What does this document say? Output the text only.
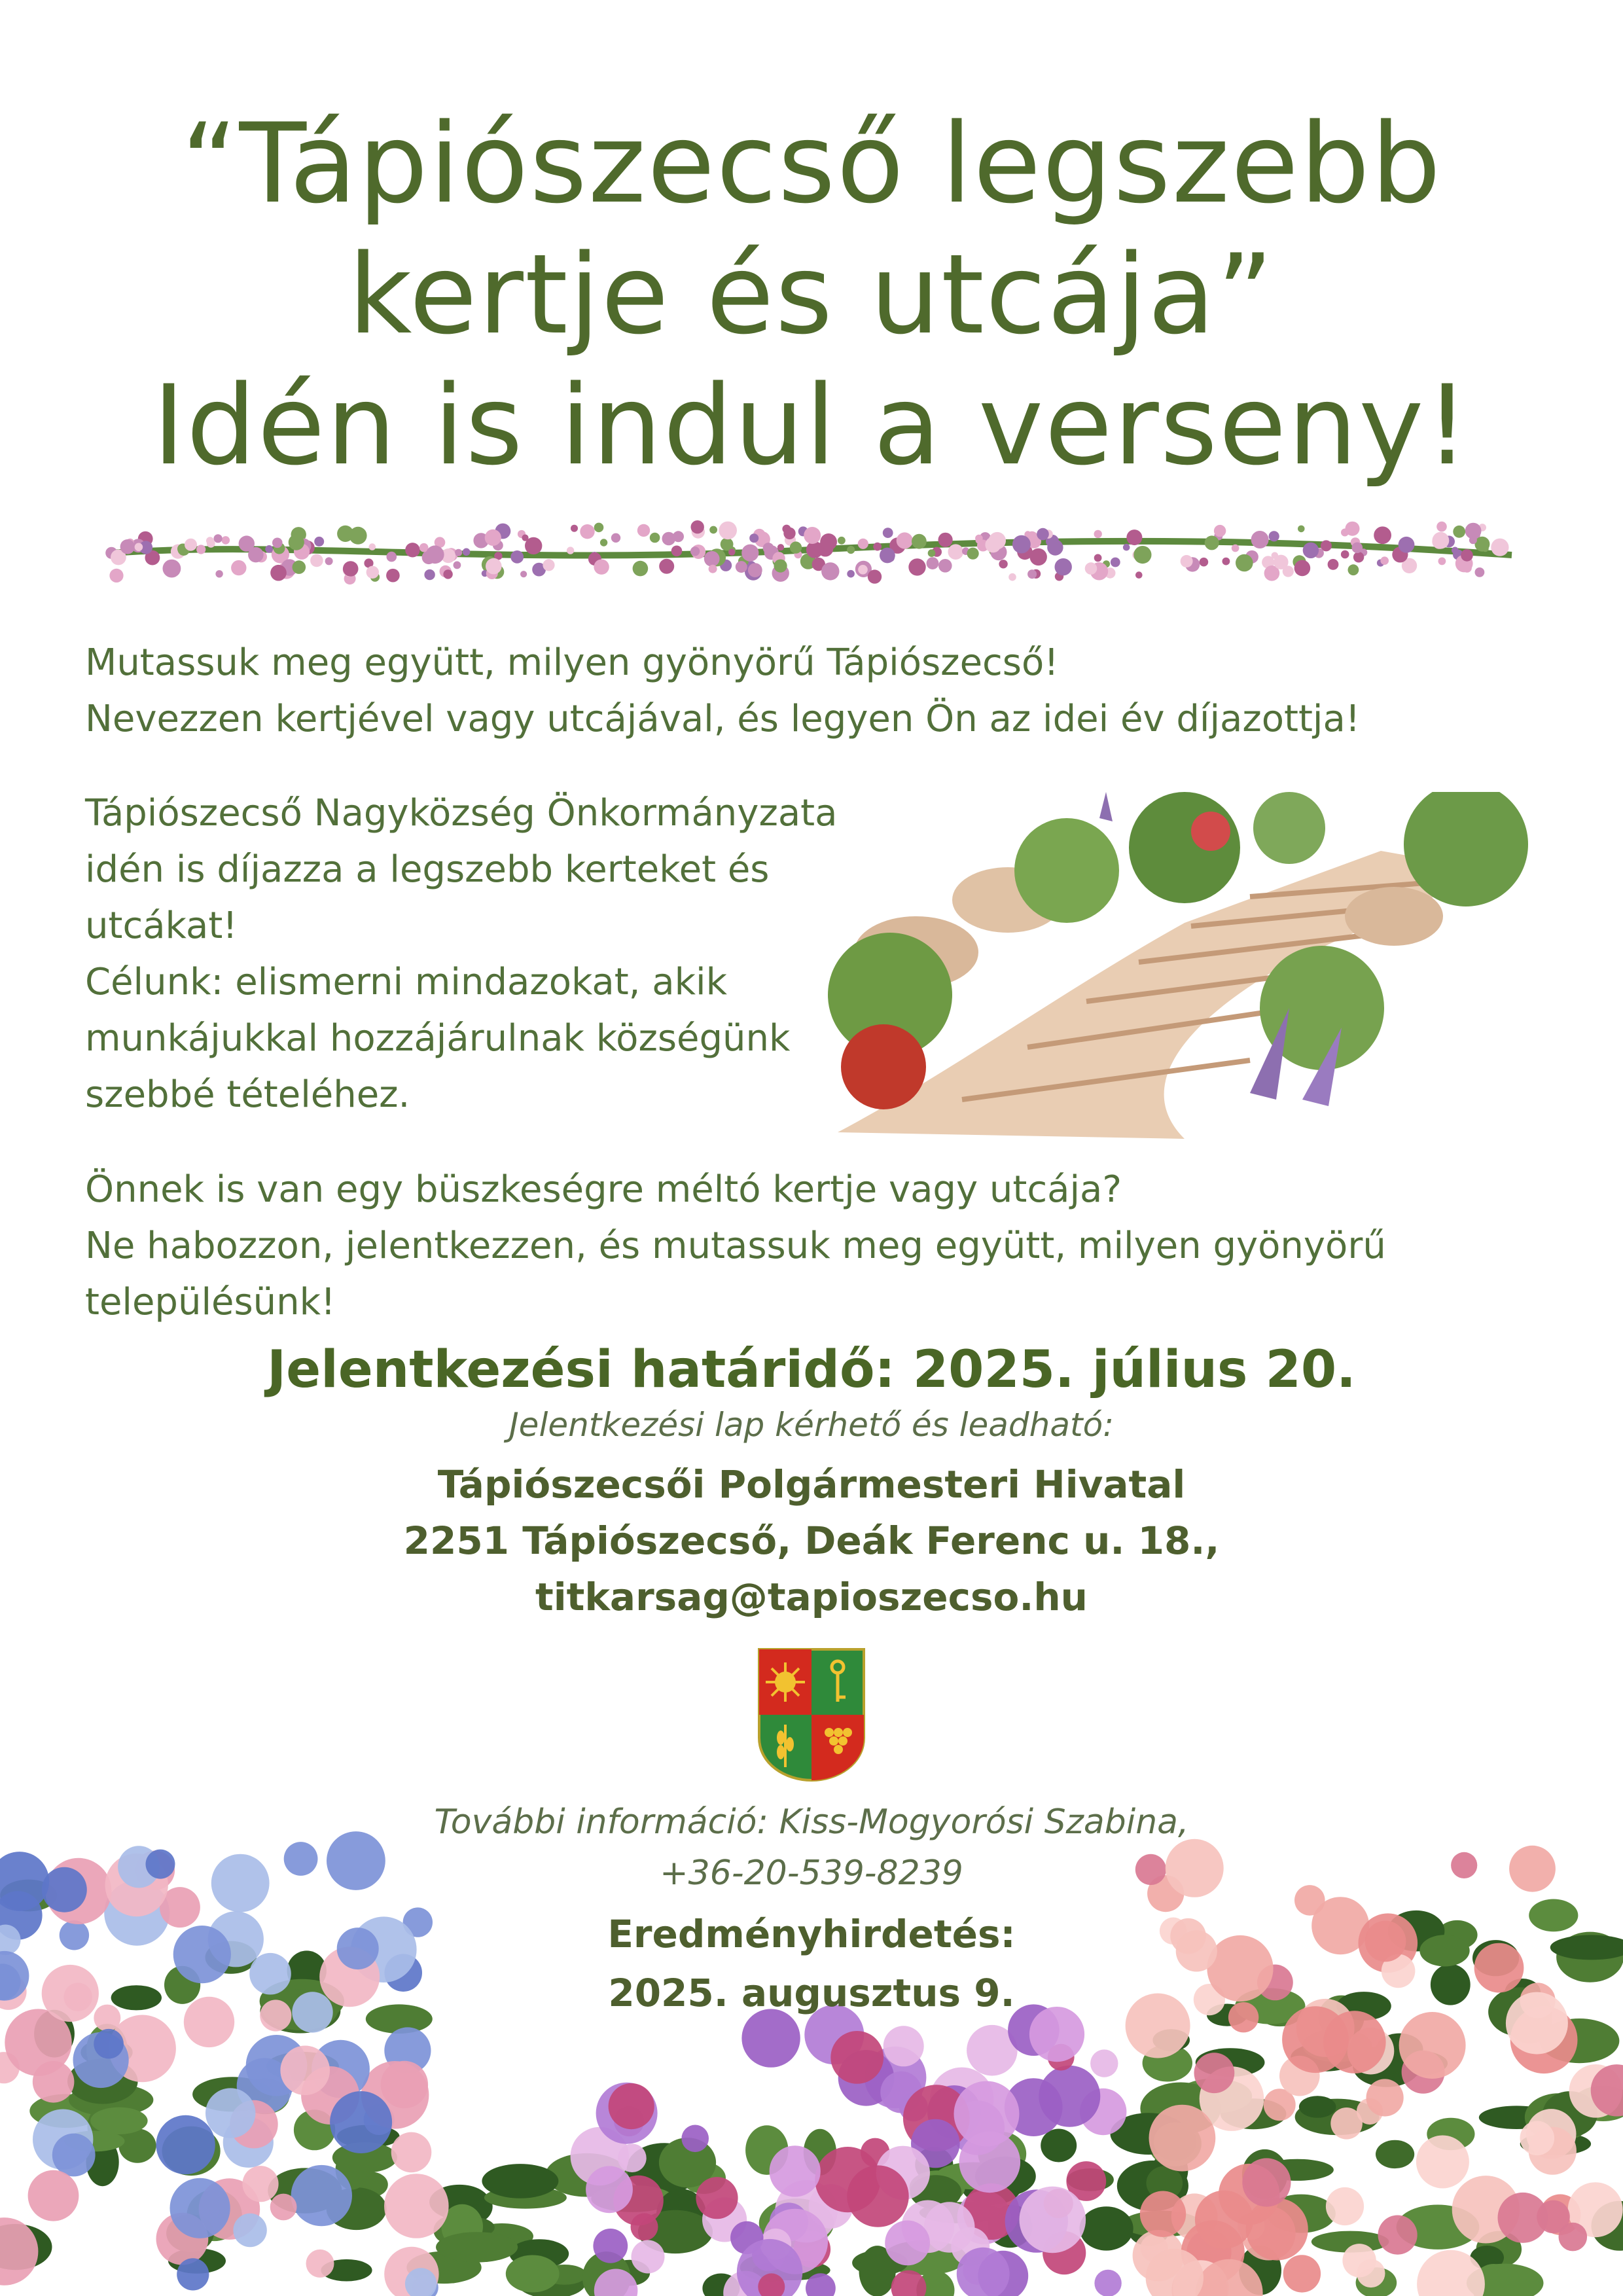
“Tápiószecső legszebb
kertje és utcája”
Idén is indul a verseny!
Mutassuk meg együtt, milyen gyönyörű Tápiószecső!
Nevezzen kertjével vagy utcájával, és legyen Ön az idei év díjazottja!
Tápiószecső Nagyközség Önkormányzata
idén is díjazza a legszebb kerteket és
utcákat!
Célunk: elismerni mindazokat, akik
munkájukkal hozzájárulnak községünk
szebbé tételéhez.
Önnek is van egy büszkeségre méltó kertje vagy utcája?
Ne habozzon, jelentkezzen, és mutassuk meg együtt, milyen gyönyörű
településünk!
Jelentkezési határidő: 2025. július 20.
Jelentkezési lap kérhető és leadható:
Tápiószecsői Polgármesteri Hivatal
2251 Tápiószecső, Deák Ferenc u. 18.,
titkarsag@tapioszecso.hu
További információ: Kiss-Mogyorósi Szabina,
+36-20-539-8239
Eredményhirdetés:
2025. augusztus 9.
